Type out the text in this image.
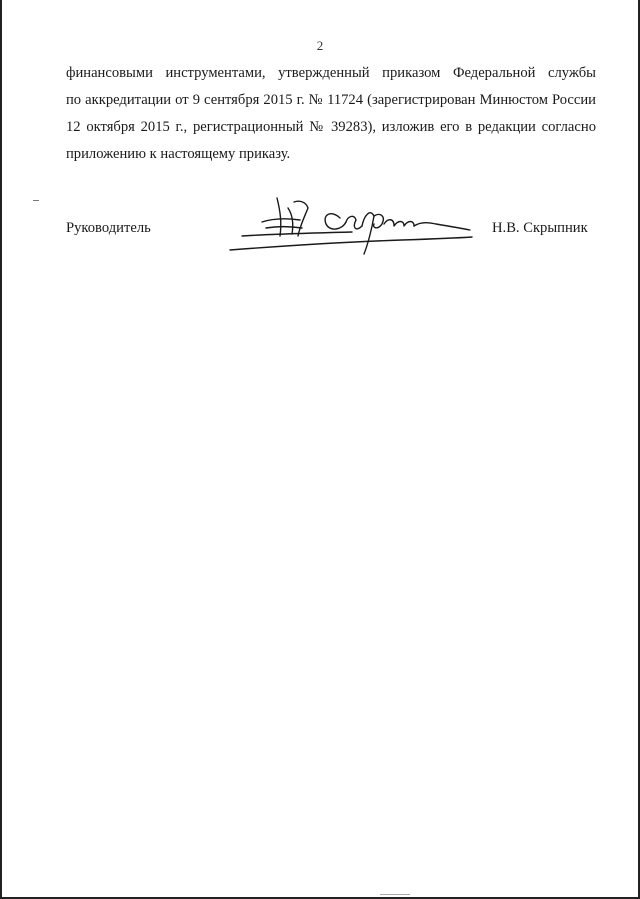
2
финансовыми инструментами, утвержденный приказом Федеральной службы
по аккредитации от 9 сентября 2015 г. № 11724 (зарегистрирован Минюстом России
12 октября 2015 г., регистрационный № 39283), изложив его в редакции согласно
приложению к настоящему приказу.
Руководитель	Н.В. Скрыпник
